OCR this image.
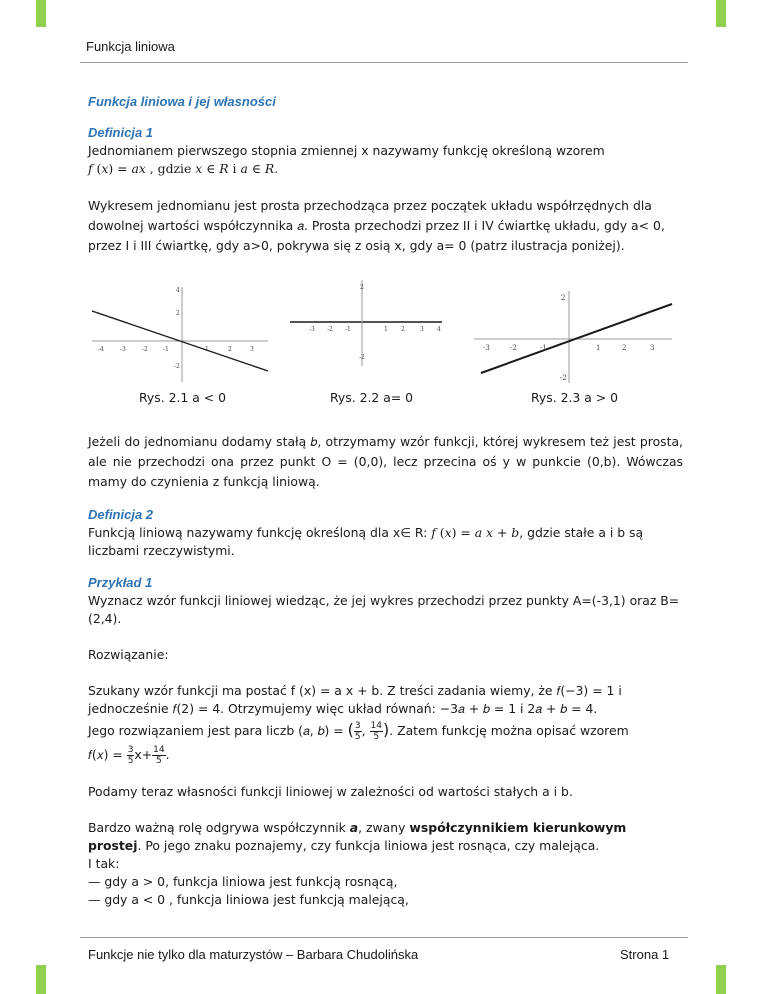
Funkcja liniowa
Funkcja liniowa i jej własności
Definicja 1

Jednomianem pierwszego stopnia zmiennej x nazywamy funkcję określoną wzorem

𝑓 (𝑥) = 𝑎𝑥 , gdzie 𝑥 ∈ 𝑅 i 𝑎 ∈ 𝑅.

Wykresem jednomianu jest prosta przechodząca przez początek układu współrzędnych dla dowolnej wartości współczynnika 𝑎. Prosta przechodzi przez II i IV ćwiartkę układu, gdy a< 0, przez I i III ćwiartkę, gdy a>0, pokrywa się z osią x, gdy a= 0 (patrz ilustracja poniżej).

-4	-3	-2	-1	1	2	3
4
2
-2
-3 -2 -1	1 2	3 4
2
-2
-3	-2	-1	1	2	3
2
-2
Rys. 2.1 a < 0	Rys. 2.2 a= 0	Rys. 2.3 a > 0

Jeżeli do jednomianu dodamy stałą 𝑏, otrzymamy wzór funkcji, której wykresem też jest prosta, ale nie przechodzi ona przez punkt O = (0,0), lecz przecina oś y w punkcie (0,b). Wówczas mamy do czynienia z funkcją liniową.

Definicja 2

Funkcją liniową nazywamy funkcję określoną dla x∈ R: 𝑓 (𝑥) = 𝑎 𝑥 + 𝑏, gdzie stałe a i b są liczbami rzeczywistymi.

Przykład 1

Wyznacz wzór funkcji liniowej wiedząc, że jej wykres przechodzi przez punkty A=(-3,1) oraz B=(2,4).

Rozwiązanie:

Szukany wzór funkcji ma postać f (x) = a x + b. Z treści zadania wiemy, że 𝑓(−3) = 1 i

jednocześnie 𝑓(2) = 4. Otrzymujemy więc układ równań: −3𝑎 + 𝑏 = 1 i 2𝑎 + 𝑏 = 4.

Jego rozwiązaniem jest para liczb (𝑎, 𝑏) = ( $\frac{3}{5}$ , $\frac{14}{5}$ ). Zatem funkcję można opisać wzorem

𝑓(𝑥) = $\frac{3}{5} x+ \frac{14}{5}$ .

Podamy teraz własności funkcji liniowej w zależności od wartości stałych a i b.

Bardzo ważną rolę odgrywa współczynnik a, zwany współczynnikiem kierunkowym prostej. Po jego znaku poznajemy, czy funkcja liniowa jest rosnąca, czy malejąca.

I tak:

— gdy a > 0, funkcja liniowa jest funkcją rosnącą,

— gdy a < 0 , funkcja liniowa jest funkcją malejącą,

Funkcje nie tylko dla maturzystów – Barbara Chudolińska	Strona 1
